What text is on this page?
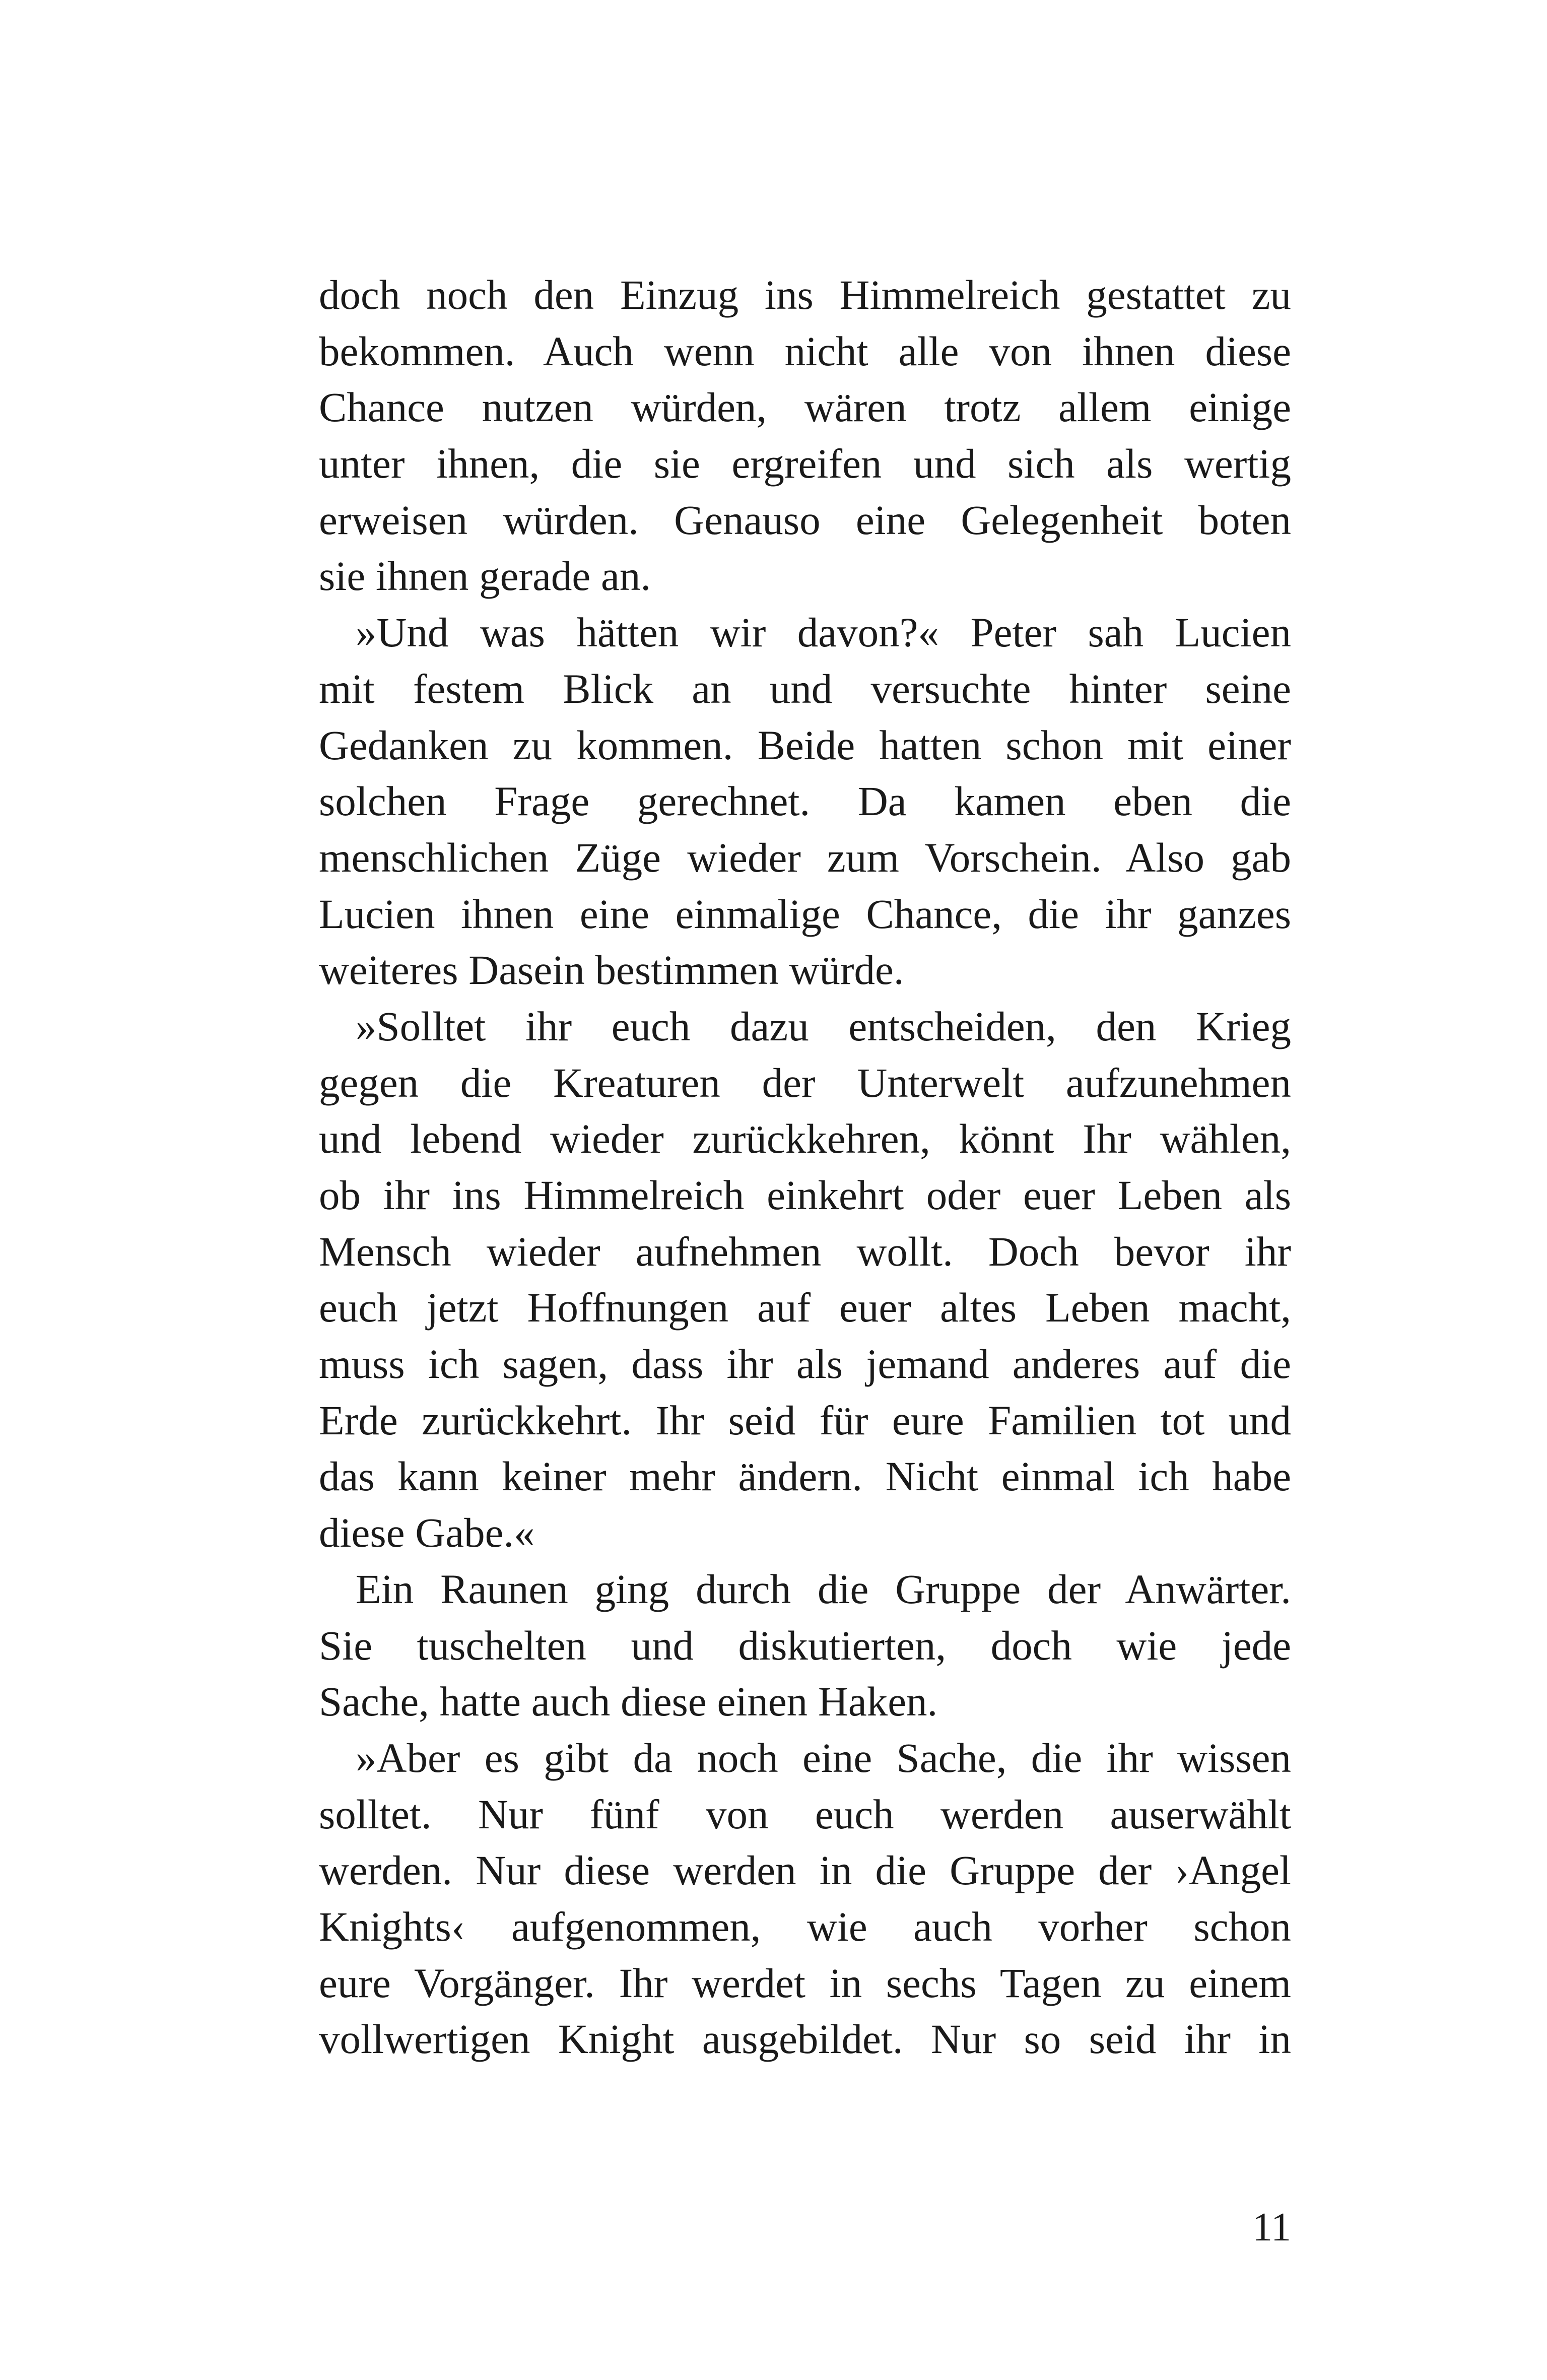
doch noch den Einzug ins Himmelreich gestattet zu
bekommen. Auch wenn nicht alle von ihnen diese
Chance nutzen würden, wären trotz allem einige
unter ihnen, die sie ergreifen und sich als wertig
erweisen würden. Genauso eine Gelegenheit boten
sie ihnen gerade an.
»Und was hätten wir davon?« Peter sah Lucien
mit festem Blick an und versuchte hinter seine
Gedanken zu kommen. Beide hatten schon mit einer
solchen Frage gerechnet. Da kamen eben die
menschlichen Züge wieder zum Vorschein. Also gab
Lucien ihnen eine einmalige Chance, die ihr ganzes
weiteres Dasein bestimmen würde.
»Solltet ihr euch dazu entscheiden, den Krieg
gegen die Kreaturen der Unterwelt aufzunehmen
und lebend wieder zurückkehren, könnt Ihr wählen,
ob ihr ins Himmelreich einkehrt oder euer Leben als
Mensch wieder aufnehmen wollt. Doch bevor ihr
euch jetzt Hoffnungen auf euer altes Leben macht,
muss ich sagen, dass ihr als jemand anderes auf die
Erde zurückkehrt. Ihr seid für eure Familien tot und
das kann keiner mehr ändern. Nicht einmal ich habe
diese Gabe.«
Ein Raunen ging durch die Gruppe der Anwärter.
Sie tuschelten und diskutierten, doch wie jede
Sache, hatte auch diese einen Haken.
»Aber es gibt da noch eine Sache, die ihr wissen
solltet. Nur fünf von euch werden auserwählt
werden. Nur diese werden in die Gruppe der ›Angel
Knights‹ aufgenommen, wie auch vorher schon
eure Vorgänger. Ihr werdet in sechs Tagen zu einem
vollwertigen Knight ausgebildet. Nur so seid ihr in
11
